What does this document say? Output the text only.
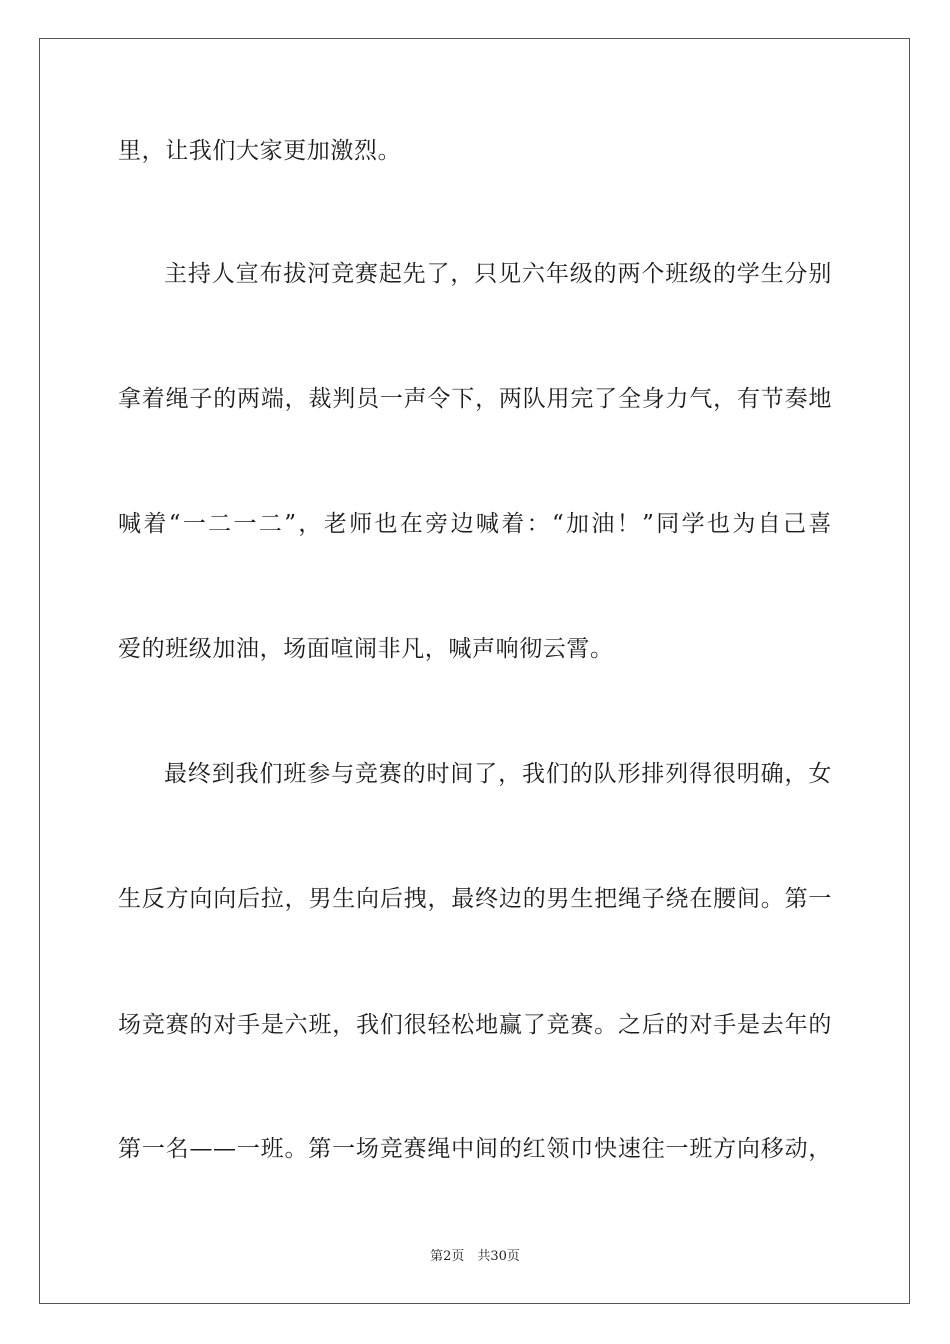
里，让我们大家更加激烈。
主持人宣布拔河竞赛起先了，只见六年级的两个班级的学生分别
拿着绳子的两端，裁判员一声令下，两队用完了全身力气，有节奏地
喊着“一二一二”，老师也在旁边喊着：“加油！”同学也为自己喜
爱的班级加油，场面喧闹非凡，喊声响彻云霄。
最终到我们班参与竞赛的时间了，我们的队形排列得很明确，女
生反方向向后拉，男生向后拽，最终边的男生把绳子绕在腰间。第一
场竞赛的对手是六班，我们很轻松地赢了竞赛。之后的对手是去年的
第一名——一班。第一场竞赛绳中间的红领巾快速往一班方向移动，
第2页　共30页
